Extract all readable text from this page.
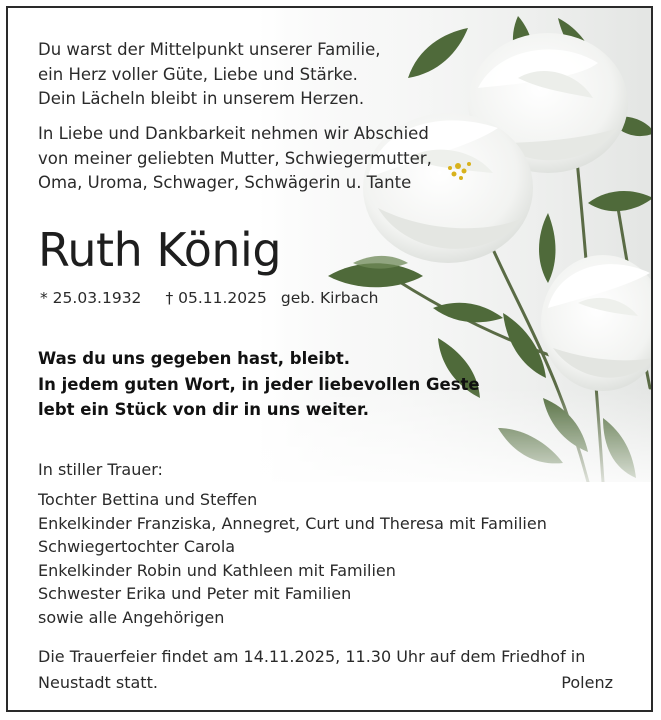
Du warst der Mittelpunkt unserer Familie,
ein Herz voller Güte, Liebe und Stärke.
Dein Lächeln bleibt in unserem Herzen.
In Liebe und Dankbarkeit nehmen wir Abschied
von meiner geliebten Mutter, Schwiegermutter,
Oma, Uroma, Schwager, Schwägerin u. Tante
Ruth König
* 25.03.1932 † 05.11.2025 geb. Kirbach
Was du uns gegeben hast, bleibt.
In jedem guten Wort, in jeder liebevollen Geste
lebt ein Stück von dir in uns weiter.
In stiller Trauer:
Tochter Bettina und Steffen
Enkelkinder Franziska, Annegret, Curt und Theresa mit Familien
Schwiegertochter Carola
Enkelkinder Robin und Kathleen mit Familien
Schwester Erika und Peter mit Familien
sowie alle Angehörigen
Die Trauerfeier findet am 14.11.2025, 11.30 Uhr auf dem Friedhof in
Neustadt statt.	Polenz
